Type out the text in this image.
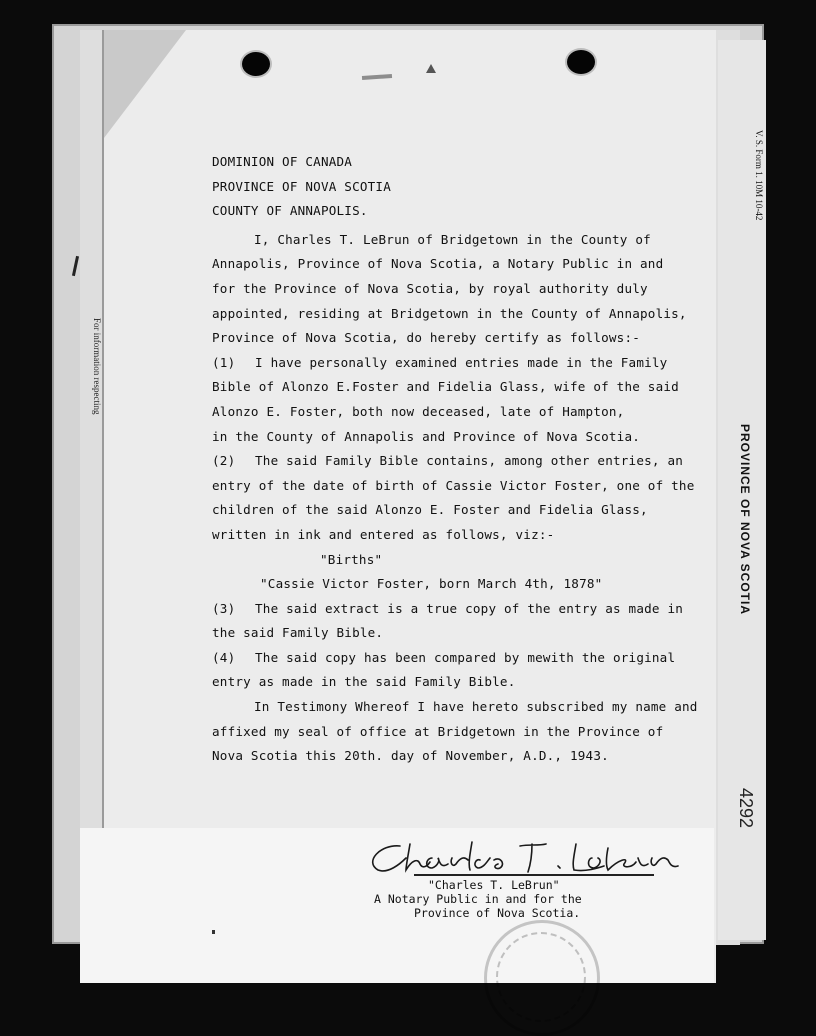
For information respecting
V. S. Form 1. 10M 10-42
PROVINCE OF NOVA SCOTIA
DOMINION OF CANADA
PROVINCE OF NOVA SCOTIA
COUNTY OF ANNAPOLIS.
I, Charles T. LeBrun of Bridgetown in the County of
Annapolis, Province of Nova Scotia, a Notary Public in and
for the Province of Nova Scotia, by royal authority duly
appointed, residing at Bridgetown in the County of Annapolis,
Province of Nova Scotia, do hereby certify as follows:-
(1) I have personally examined entries made in the Family
Bible of Alonzo E.Foster and Fidelia Glass, wife of the said
Alonzo E. Foster, both now deceased, late of Hampton,
in the County of Annapolis and Province of Nova Scotia.
(2) The said Family Bible contains, among other entries, an
entry of the date of birth of Cassie Victor Foster, one of the
children of the said Alonzo E. Foster and Fidelia Glass,
written in ink and entered as follows, viz:-
"Births"
"Cassie Victor Foster, born March 4th, 1878"
(3) The said extract is a true copy of the entry as made in
the said Family Bible.
(4) The said copy has been compared by mewith the original
entry as made in the said Family Bible.
In Testimony Whereof I have hereto subscribed my name and
affixed my seal of office at Bridgetown in the Province of
Nova Scotia this 20th. day of November, A.D., 1943.
4292
"Charles T. LeBrun"
A Notary Public in and for the
Province of Nova Scotia.
